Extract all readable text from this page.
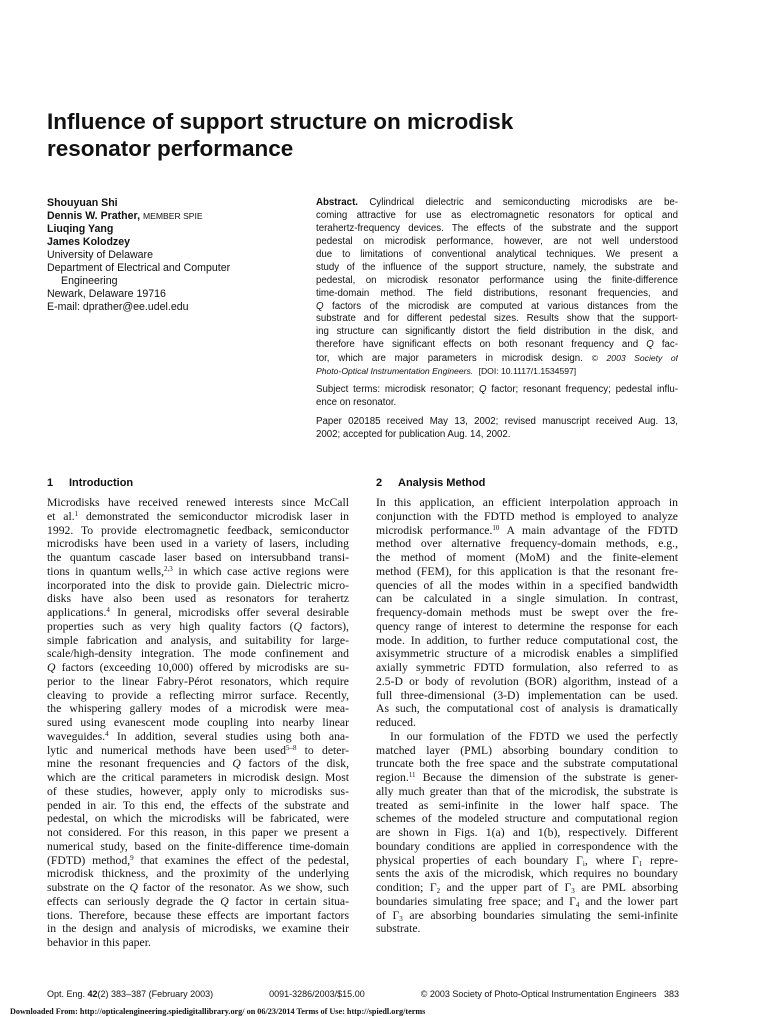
Influence of support structure on microdisk
resonator performance
Shouyuan Shi
Dennis W. Prather, MEMBER SPIE
Liuqing Yang
James Kolodzey
University of Delaware
Department of Electrical and Computer
Engineering
Newark, Delaware 19716
E-mail: dprather@ee.udel.edu
Abstract. Cylindrical dielectric and semiconducting microdisks are be-
coming attractive for use as electromagnetic resonators for optical and
terahertz-frequency devices. The effects of the substrate and the support
pedestal on microdisk performance, however, are not well understood
due to limitations of conventional analytical techniques. We present a
study of the influence of the support structure, namely, the substrate and
pedestal, on microdisk resonator performance using the finite-difference
time-domain method. The field distributions, resonant frequencies, and
Q factors of the microdisk are computed at various distances from the
substrate and for different pedestal sizes. Results show that the support-
ing structure can significantly distort the field distribution in the disk, and
therefore have significant effects on both resonant frequency and Q fac-
tor, which are major parameters in microdisk design. © 2003 Society of
Photo-Optical Instrumentation Engineers. [DOI: 10.1117/1.1534597]
Subject terms: microdisk resonator; Q factor; resonant frequency; pedestal influ-
ence on resonator.
Paper 020185 received May 13, 2002; revised manuscript received Aug. 13,
2002; accepted for publication Aug. 14, 2002.
1 Introduction
Microdisks have received renewed interests since McCall
et al.$^1$ demonstrated the semiconductor microdisk laser in
1992. To provide electromagnetic feedback, semiconductor
microdisks have been used in a variety of lasers, including
the quantum cascade laser based on intersubband transi-
tions in quantum wells,$^{2,3}$ in which case active regions were
incorporated into the disk to provide gain. Dielectric micro-
disks have also been used as resonators for terahertz
applications.$^4$ In general, microdisks offer several desirable
properties such as very high quality factors (Q factors),
simple fabrication and analysis, and suitability for large-
scale/high-density integration. The mode confinement and
Q factors (exceeding 10,000) offered by microdisks are su-
perior to the linear Fabry-Pérot resonators, which require
cleaving to provide a reflecting mirror surface. Recently,
the whispering gallery modes of a microdisk were mea-
sured using evanescent mode coupling into nearby linear
waveguides.$^4$ In addition, several studies using both ana-
lytic and numerical methods have been used$^{5-8}$ to deter-
mine the resonant frequencies and Q factors of the disk,
which are the critical parameters in microdisk design. Most
of these studies, however, apply only to microdisks sus-
pended in air. To this end, the effects of the substrate and
pedestal, on which the microdisks will be fabricated, were
not considered. For this reason, in this paper we present a
numerical study, based on the finite-difference time-domain
(FDTD) method,$^9$ that examines the effect of the pedestal,
microdisk thickness, and the proximity of the underlying
substrate on the Q factor of the resonator. As we show, such
effects can seriously degrade the Q factor in certain situa-
tions. Therefore, because these effects are important factors
in the design and analysis of microdisks, we examine their
behavior in this paper.
2 Analysis Method
In this application, an efficient interpolation approach in
conjunction with the FDTD method is employed to analyze
microdisk performance.$^{10}$ A main advantage of the FDTD
method over alternative frequency-domain methods, e.g.,
the method of moment (MoM) and the finite-element
method (FEM), for this application is that the resonant fre-
quencies of all the modes within in a specified bandwidth
can be calculated in a single simulation. In contrast,
frequency-domain methods must be swept over the fre-
quency range of interest to determine the response for each
mode. In addition, to further reduce computational cost, the
axisymmetric structure of a microdisk enables a simplified
axially symmetric FDTD formulation, also referred to as
2.5-D or body of revolution (BOR) algorithm, instead of a
full three-dimensional (3-D) implementation can be used.
As such, the computational cost of analysis is dramatically
reduced.
In our formulation of the FDTD we used the perfectly
matched layer (PML) absorbing boundary condition to
truncate both the free space and the substrate computational
region.$^{11}$ Because the dimension of the substrate is gener-
ally much greater than that of the microdisk, the substrate is
treated as semi-infinite in the lower half space. The
schemes of the modeled structure and computational region
are shown in Figs. 1(a) and 1(b), respectively. Different
boundary conditions are applied in correspondence with the
physical properties of each boundary $\Gamma_i$, where $\Gamma_1$ repre-
sents the axis of the microdisk, which requires no boundary
condition; $\Gamma_2$ and the upper part of $\Gamma_3$ are PML absorbing
boundaries simulating free space; and $\Gamma_4$ and the lower part
of $\Gamma_3$ are absorbing boundaries simulating the semi-infinite
substrate.
Opt. Eng. 42(2) 383–387 (February 2003)	0091-3286/2003/$15.00	© 2003 Society of Photo-Optical Instrumentation Engineers 383
Downloaded From: http://opticalengineering.spiedigitallibrary.org/ on 06/23/2014 Terms of Use: http://spiedl.org/terms
